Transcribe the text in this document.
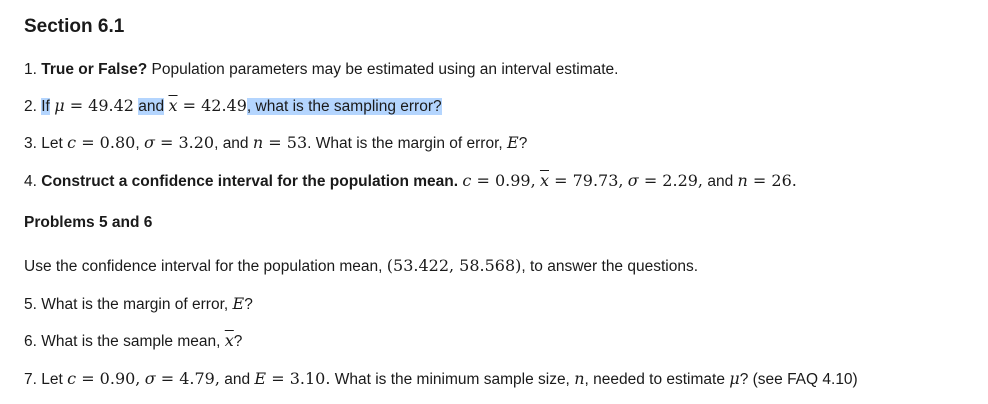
Section 6.1
1. True or False? Population parameters may be estimated using an interval estimate.
2. If μ = 49.42 and $\overline{x} = 42.49$, what is the sampling error?
3. Let c = 0.80, σ = 3.20, and n = 53. What is the margin of error, E?
4. Construct a confidence interval for the population mean. c = 0.99, $\overline{x} = 79.73$, σ = 2.29, and n = 26.
Problems 5 and 6
Use the confidence interval for the population mean, (53.422, 58.568), to answer the questions.
5. What is the margin of error, E?
6. What is the sample mean, $\overline{x}$?
7. Let c = 0.90, σ = 4.79, and E = 3.10. What is the minimum sample size, n, needed to estimate μ? (see FAQ 4.10)
